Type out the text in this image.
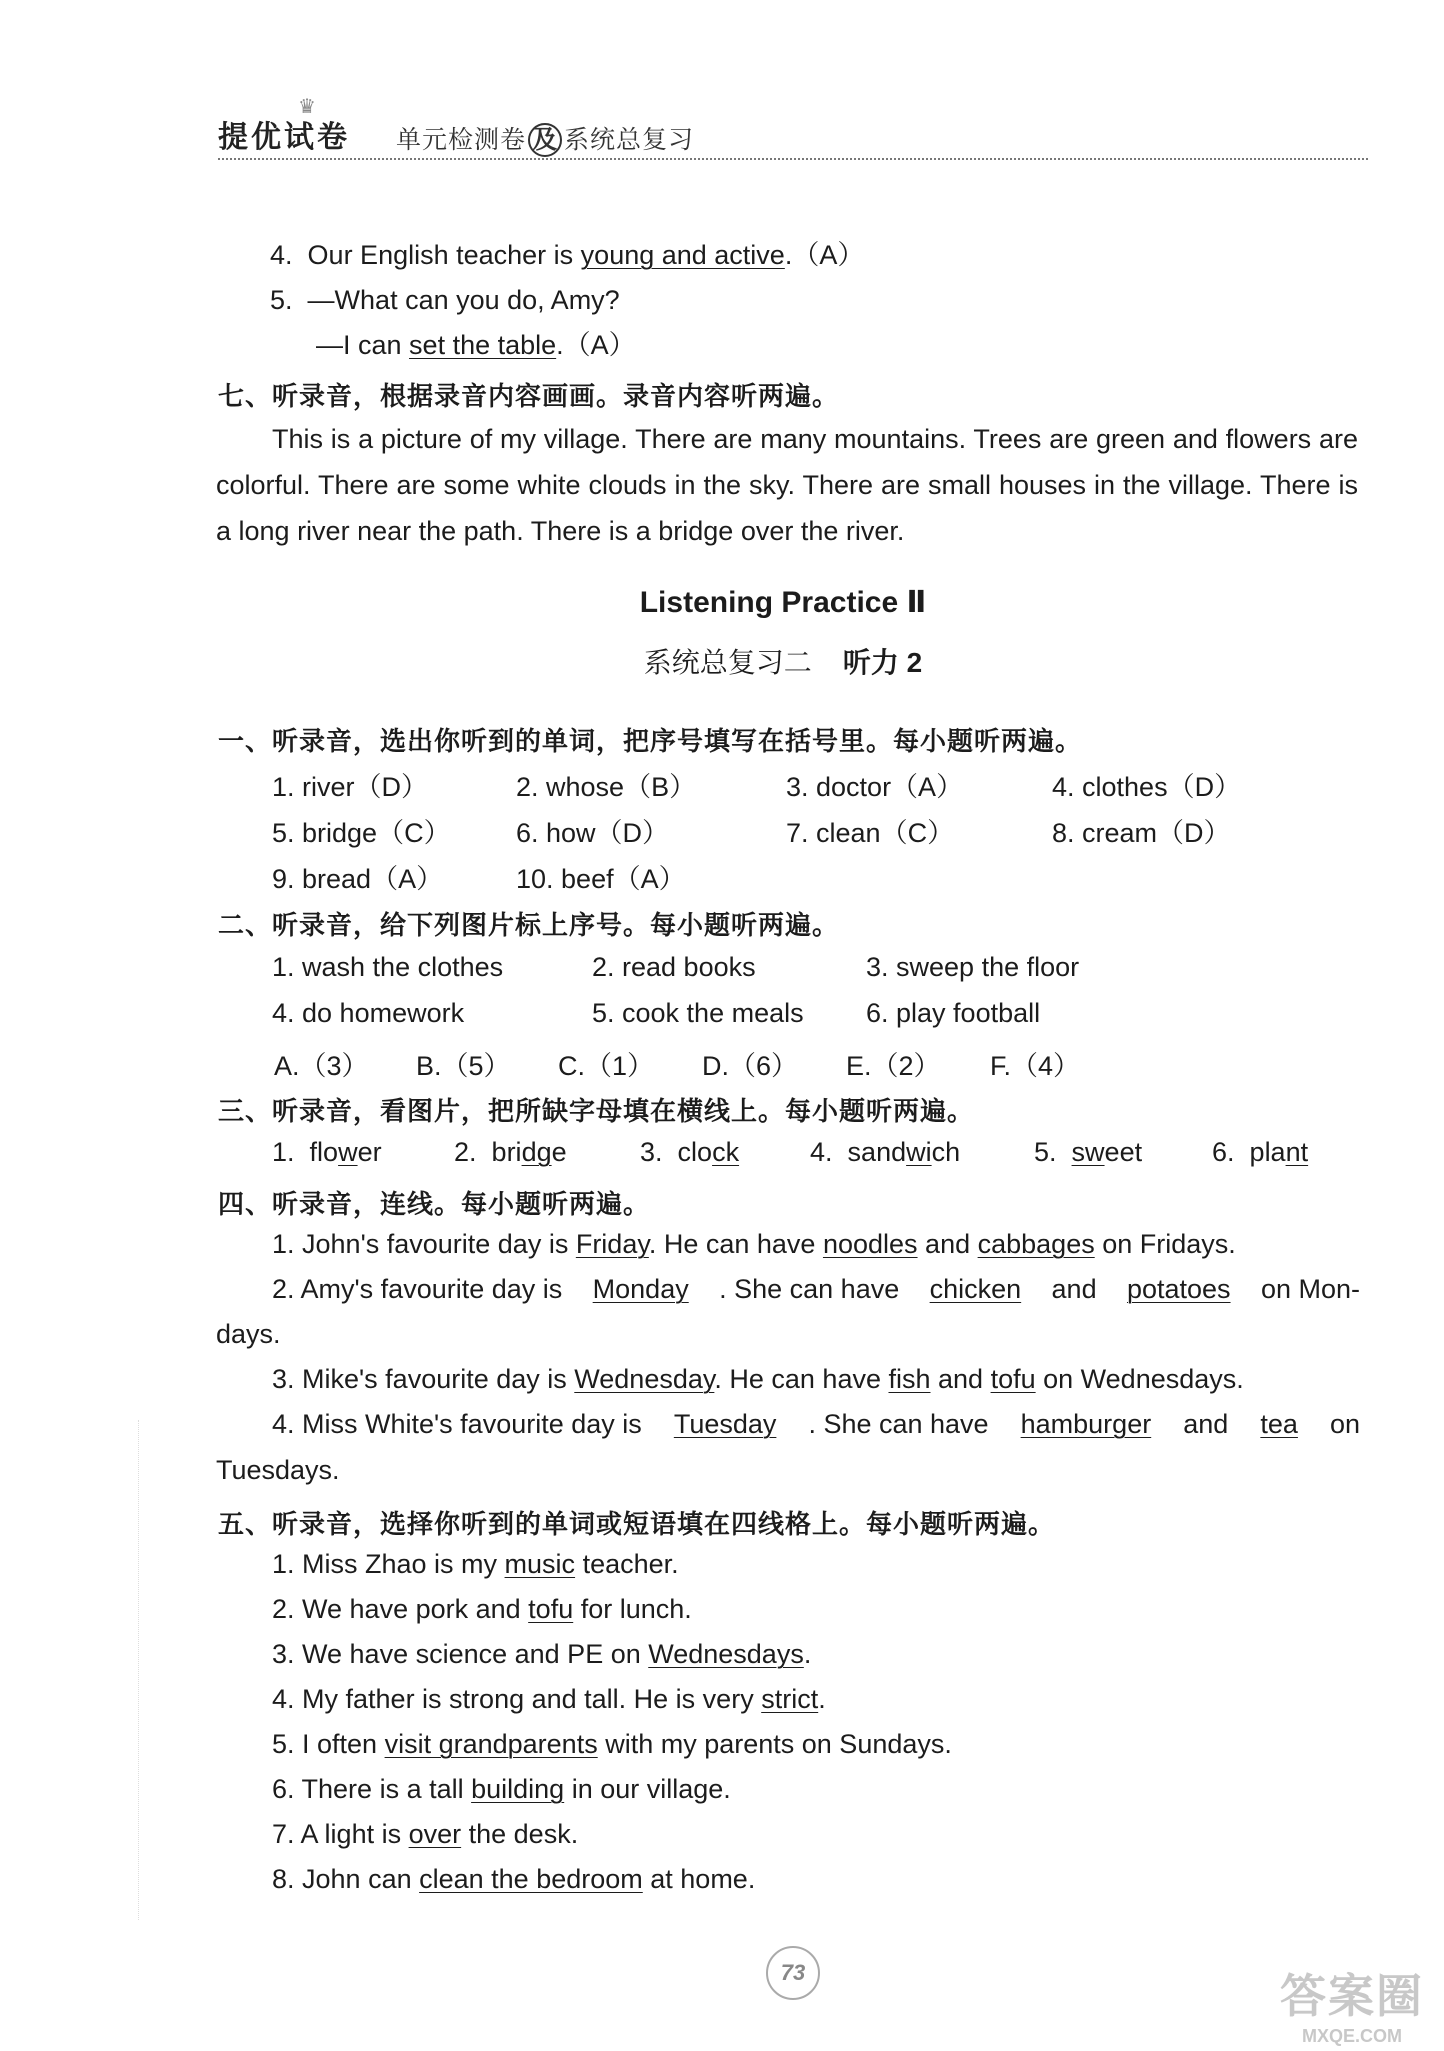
♛
提优试卷 单元检测卷 及 系统总复习
4. Our English teacher is young and active.（A）
5. —What can you do, Amy?
—I can set the table.（A）
七、听录音，根据录音内容画画。录音内容听两遍。
This is a picture of my village. There are many mountains. Trees are green and flowers are colorful. There are some white clouds in the sky. There are small houses in the village. There is a long river near the path. There is a bridge over the river.
Listening Practice Ⅱ
系统总复习二 听力 2
一、听录音，选出你听到的单词，把序号填写在括号里。每小题听两遍。
1. river（D）	2. whose（B）	3. doctor（A）	4. clothes（D）
5. bridge（C） 6. how（D）	7. clean（C）	8. cream（D）
9. bread（A）	10. beef（A）
二、听录音，给下列图片标上序号。每小题听两遍。
1. wash the clothes	2. read books	3. sweep the floor
4. do homework	5. cook the meals 6. play football
A.（3） B.（5） C.（1） D.（6） E.（2） F.（4）
三、听录音，看图片，把所缺字母填在横线上。每小题听两遍。
1. flower	2. bridge	3. clock	4. sandwich	5. sweet	6. plant
四、听录音，连线。每小题听两遍。
1. John's favourite day is Friday. He can have noodles and cabbages on Fridays.
2. Amy's favourite day is Monday . She can have chicken and potatoes on Mon-
days.
3. Mike's favourite day is Wednesday. He can have fish and tofu on Wednesdays.
4. Miss White's favourite day is Tuesday . She can have hamburger and tea on
Tuesdays.
五、听录音，选择你听到的单词或短语填在四线格上。每小题听两遍。
1. Miss Zhao is my music teacher.
2. We have pork and tofu for lunch.
3. We have science and PE on Wednesdays.
4. My father is strong and tall. He is very strict.
5. I often visit grandparents with my parents on Sundays.
6. There is a tall building in our village.
7. A light is over the desk.
8. John can clean the bedroom at home.
73	答案圈
MXQE.COM
